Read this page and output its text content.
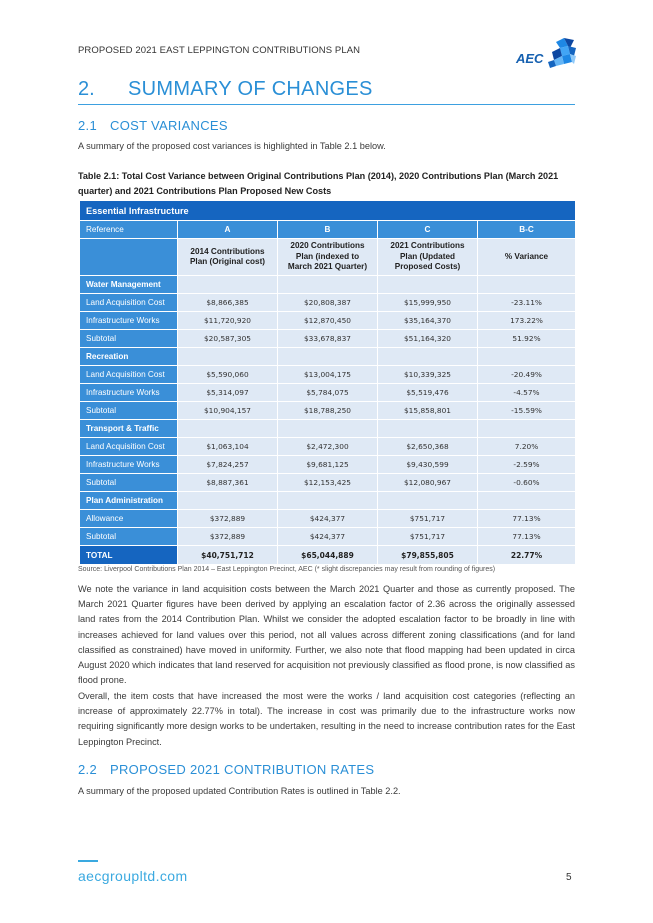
PROPOSED 2021 EAST LEPPINGTON CONTRIBUTIONS PLAN
AEC
2. SUMMARY OF CHANGES
2.1 COST VARIANCES
A summary of the proposed cost variances is highlighted in Table 2.1 below.
Table 2.1: Total Cost Variance between Original Contributions Plan (2014), 2020 Contributions Plan (March 2021 quarter) and 2021 Contributions Plan Proposed New Costs
Essential Infrastructure				
Reference	A	B	C	B-C
	2014 Contributions Plan (Original cost)	2020 Contributions Plan (indexed to March 2021 Quarter)	2021 Contributions Plan (Updated Proposed Costs)	% Variance
Water Management				
Land Acquisition Cost	$8,866,385	$20,808,387	$15,999,950	-23.11%
Infrastructure Works	$11,720,920	$12,870,450	$35,164,370	173.22%
Subtotal	$20,587,305	$33,678,837	$51,164,320	51.92%
Recreation				
Land Acquisition Cost	$5,590,060	$13,004,175	$10,339,325	-20.49%
Infrastructure Works	$5,314,097	$5,784,075	$5,519,476	-4.57%
Subtotal	$10,904,157	$18,788,250	$15,858,801	-15.59%
Transport & Traffic				
Land Acquisition Cost	$1,063,104	$2,472,300	$2,650,368	7.20%
Infrastructure Works	$7,824,257	$9,681,125	$9,430,599	-2.59%
Subtotal	$8,887,361	$12,153,425	$12,080,967	-0.60%
Plan Administration				
Allowance	$372,889	$424,377	$751,717	77.13%
Subtotal	$372,889	$424,377	$751,717	77.13%
TOTAL	$40,751,712	$65,044,889	$79,855,805	22.77%
Source: Liverpool Contributions Plan 2014 – East Leppington Precinct, AEC (* slight discrepancies may result from rounding of figures)
We note the variance in land acquisition costs between the March 2021 Quarter and those as currently proposed. The March 2021 Quarter figures have been derived by applying an escalation factor of 2.36 across the originally assessed land rates from the 2014 Contribution Plan. Whilst we consider the adopted escalation factor to be broadly in line with increases achieved for land values over this period, not all values across different zoning classifications (and for land classified as constrained) have moved in uniformity. Further, we also note that flood mapping had been updated in circa August 2020 which indicates that land reserved for acquisition not previously classified as flood prone, is now classified as flood prone.
Overall, the item costs that have increased the most were the works / land acquisition cost categories (reflecting an increase of approximately 22.77% in total). The increase in cost was primarily due to the infrastructure works now requiring significantly more design works to be undertaken, resulting in the need to increase contribution rates for the East Leppington Precinct.
2.2 PROPOSED 2021 CONTRIBUTION RATES
A summary of the proposed updated Contribution Rates is outlined in Table 2.2.
aecgroupltd.com	5
